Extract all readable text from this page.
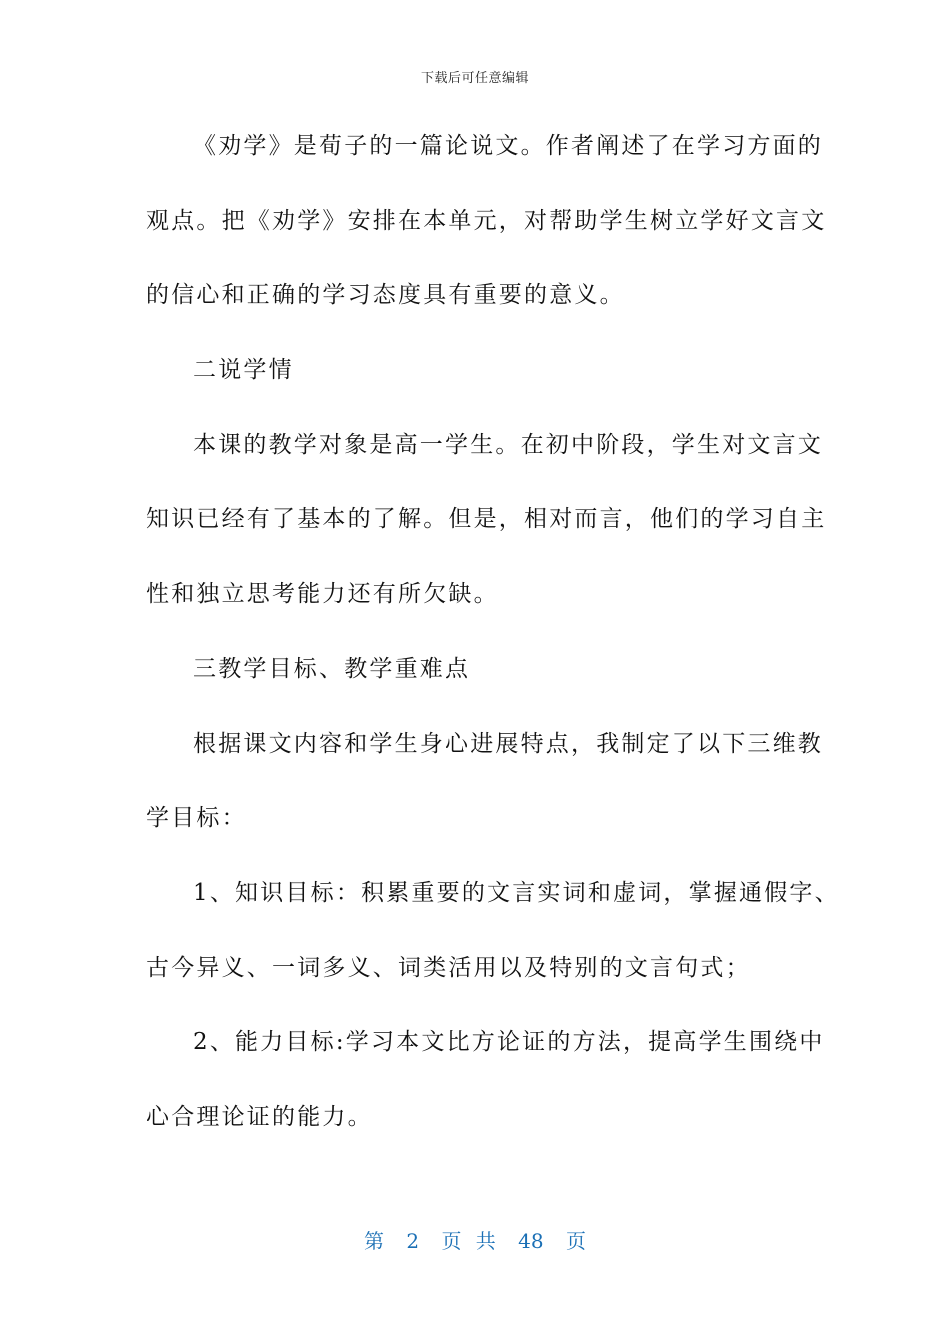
下载后可任意编辑
《劝学》是荀子的一篇论说文。作者阐述了在学习方面的
观点。把《劝学》安排在本单元，对帮助学生树立学好文言文
的信心和正确的学习态度具有重要的意义。
二说学情
本课的教学对象是高一学生。在初中阶段，学生对文言文
知识已经有了基本的了解。但是，相对而言，他们的学习自主
性和独立思考能力还有所欠缺。
三教学目标、教学重难点
根据课文内容和学生身心进展特点，我制定了以下三维教
学目标：
1、知识目标：积累重要的文言实词和虚词，掌握通假字、
古今异义、一词多义、词类活用以及特别的文言句式；
2、能力目标:学习本文比方论证的方法，提高学生围绕中
心合理论证的能力。
第 2 页 共 48 页
